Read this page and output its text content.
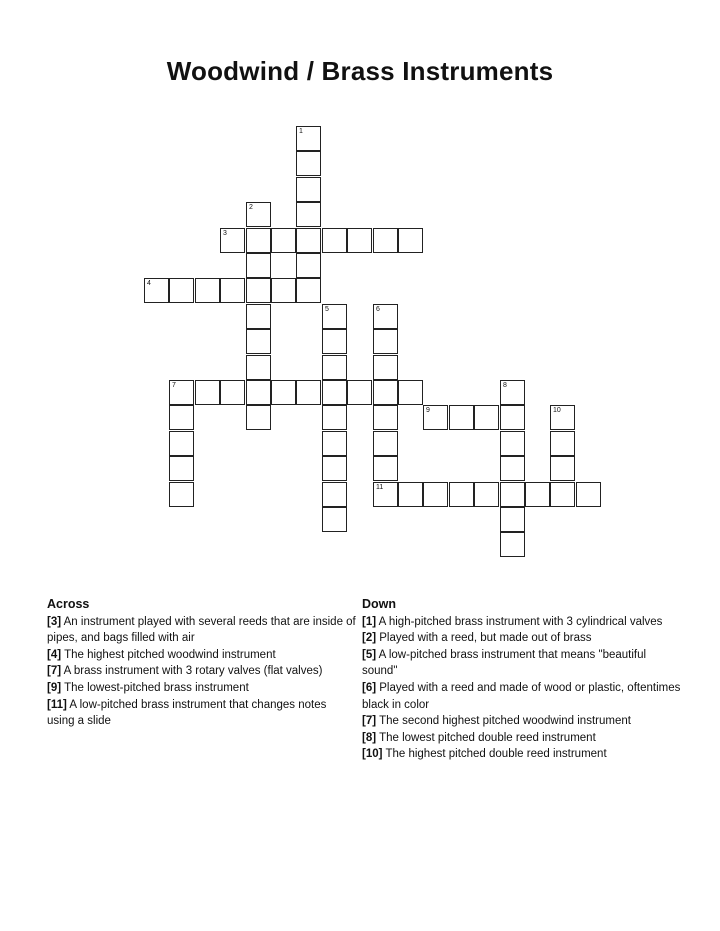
Woodwind / Brass Instruments
1
2
3
4
5	6
11
7	8
9	10
Across
[3] An instrument played with several reeds that are inside of pipes, and bags filled with air
[4] The highest pitched woodwind instrument
[7] A brass instrument with 3 rotary valves (flat valves)
[9] The lowest-pitched brass instrument
[11] A low-pitched brass instrument that changes notes using a slide
Down
[1] A high-pitched brass instrument with 3 cylindrical valves
[2] Played with a reed, but made out of brass
[5] A low-pitched brass instrument that means "beautiful sound"
[6] Played with a reed and made of wood or plastic, oftentimes black in color
[7] The second highest pitched woodwind instrument
[8] The lowest pitched double reed instrument
[10] The highest pitched double reed instrument
